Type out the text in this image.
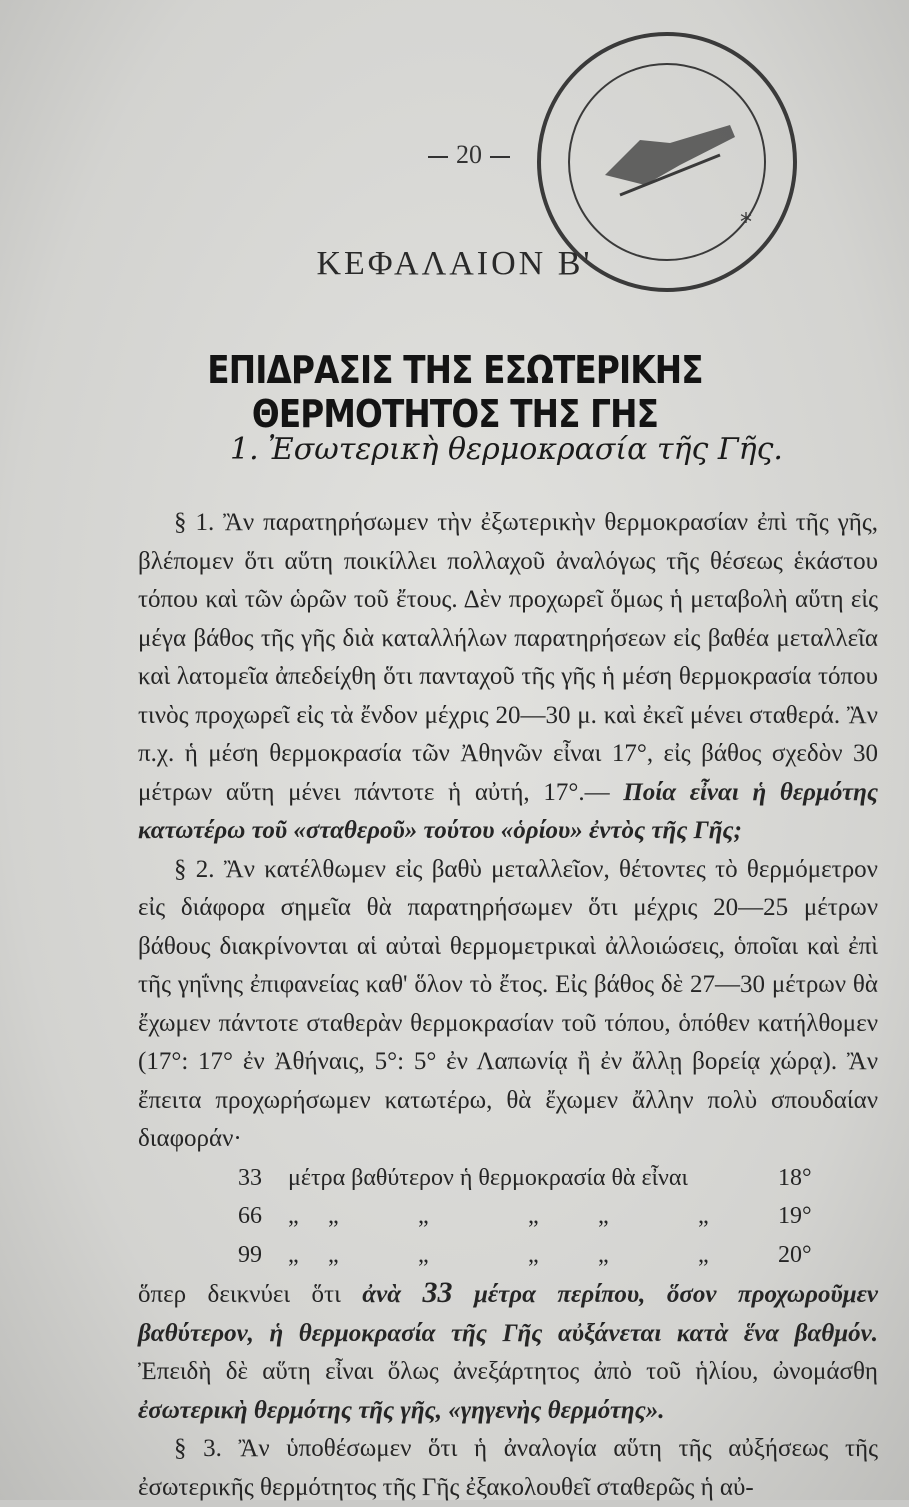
20
*
ΚΕΦΑΛΑΙΟΝ Β'
ΕΠΙΔΡΑΣΙΣ ΤΗΣ ΕΣΩΤΕΡΙΚΗΣ ΘΕΡΜΟΤΗΤΟΣ ΤΗΣ ΓΗΣ
1. Ἐσωτερικὴ θερμοκρασία τῆς Γῆς.

§ 1. Ἂν παρατηρήσωμεν τὴν ἐξωτερικὴν θερμοκρασίαν ἐπὶ τῆς γῆς, βλέπομεν ὅτι αὕτη ποικίλλει πολλαχοῦ ἀναλόγως τῆς θέσεως ἑκάστου τόπου καὶ τῶν ὡρῶν τοῦ ἔτους. Δὲν προχωρεῖ ὅμως ἡ μεταβολὴ αὕτη εἰς μέγα βάθος τῆς γῆς διὰ καταλλήλων παρατηρήσεων εἰς βαθέα μεταλλεῖα καὶ λατομεῖα ἀπεδείχθη ὅτι πανταχοῦ τῆς γῆς ἡ μέση θερμοκρασία τόπου τινὸς προχωρεῖ εἰς τὰ ἔνδον μέχρις 20—30 μ. καὶ ἐκεῖ μένει σταθερά. Ἂν π.χ. ἡ μέση θερμοκρασία τῶν Ἀθηνῶν εἶναι 17°, εἰς βάθος σχεδὸν 30 μέτρων αὕτη μένει πάντοτε ἡ αὐτή, 17°.— Ποία εἶναι ἡ θερμότης κατωτέρω τοῦ «σταθεροῦ» τούτου «ὁρίου» ἐντὸς τῆς Γῆς;

§ 2. Ἂν κατέλθωμεν εἰς βαθὺ μεταλλεῖον, θέτοντες τὸ θερμόμετρον εἰς διάφορα σημεῖα θὰ παρατηρήσωμεν ὅτι μέχρις 20—25 μέτρων βάθους διακρίνονται αἱ αὐταὶ θερμομετρικαὶ ἀλλοιώσεις, ὁποῖαι καὶ ἐπὶ τῆς γηΐνης ἐπιφανείας καθ' ὅλον τὸ ἔτος. Εἰς βάθος δὲ 27—30 μέτρων θὰ ἔχωμεν πάντοτε σταθερὰν θερμοκρασίαν τοῦ τόπου, ὁπόθεν κατήλθομεν (17°: 17° ἐν Ἀθήναις, 5°: 5° ἐν Λαπωνίᾳ ἢ ἐν ἄλλῃ βορείᾳ χώρᾳ). Ἂν ἔπειτα προχωρήσωμεν κατωτέρω, θὰ ἔχωμεν ἄλλην πολὺ σπουδαίαν διαφοράν·

33	μέτρα βαθύτερον ἡ θερμοκρασία θὰ εἶναι	18°
66	„	„	„	„	„	„	19°
99	„	„	„	„	„	„	20°

ὅπερ δεικνύει ὅτι ἀνὰ 33 μέτρα περίπου, ὅσον προχωροῦμεν βαθύτερον, ἡ θερμοκρασία τῆς Γῆς αὐξάνεται κατὰ ἕνα βαθμόν. Ἐπειδὴ δὲ αὕτη εἶναι ὅλως ἀνεξάρτητος ἀπὸ τοῦ ἡλίου, ὠνομάσθη ἐσωτερικὴ θερμότης τῆς γῆς, «γηγενὴς θερμότης».

§ 3. Ἂν ὑποθέσωμεν ὅτι ἡ ἀναλογία αὕτη τῆς αὐξήσεως τῆς ἐσωτερικῆς θερμότητος τῆς Γῆς ἐξακολουθεῖ σταθερῶς ἡ αὐ-
